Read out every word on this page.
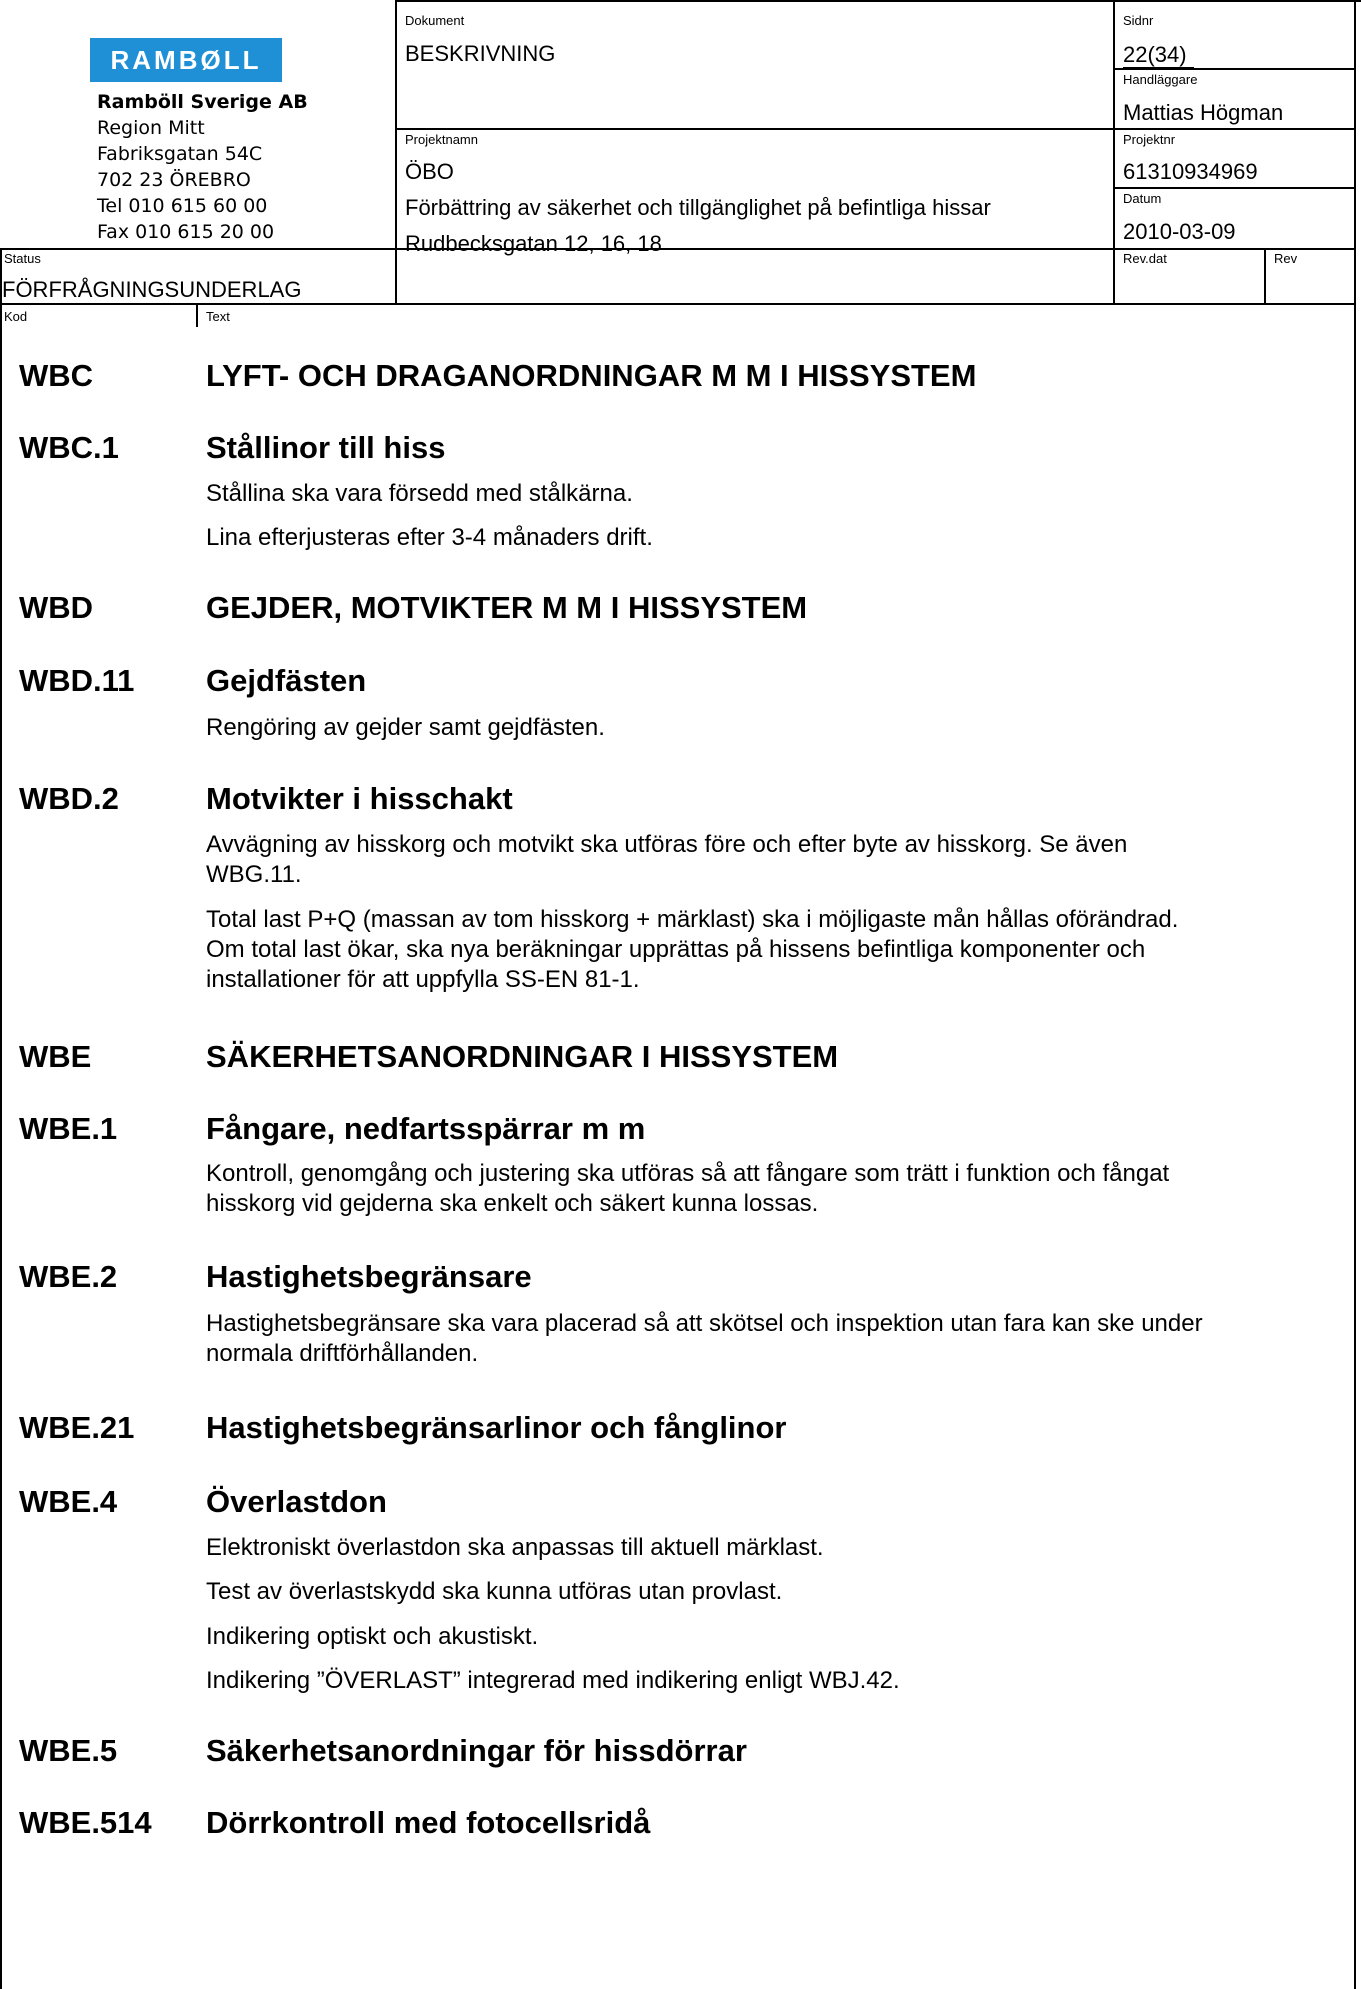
RAMBØLL
Ramböll Sverige AB
Region Mitt
Fabriksgatan 54C
702 23 ÖREBRO
Tel 010 615 60 00
Fax 010 615 20 00
Dokument
BESKRIVNING
Sidnr
22(34)
Handläggare
Mattias Högman
Projektnamn
ÖBO
Förbättring av säkerhet och tillgänglighet på befintliga hissar
Rudbecksgatan 12, 16, 18
Projektnr
61310934969
Datum
2010-03-09
Status
FÖRFRÅGNINGSUNDERLAG
Rev.dat	Rev
Kod	Text
WBC	LYFT- OCH DRAGANORDNINGAR M M I HISSYSTEM
WBC.1	Stållinor till hiss
Stållina ska vara försedd med stålkärna.
Lina efterjusteras efter 3-4 månaders drift.
WBD	GEJDER, MOTVIKTER M M I HISSYSTEM
WBD.11 Gejdfästen
Rengöring av gejder samt gejdfästen.
WBD.2	Motvikter i hisschakt
Avvägning av hisskorg och motvikt ska utföras före och efter byte av hisskorg. Se även WBG.11.
Total last P+Q (massan av tom hisskorg + märklast) ska i möjligaste mån hållas oförändrad. Om total last ökar, ska nya beräkningar upprättas på hissens befintliga komponenter och installationer för att uppfylla SS-EN 81-1.
WBE	SÄKERHETSANORDNINGAR I HISSYSTEM
WBE.1	Fångare, nedfartsspärrar m m
Kontroll, genomgång och justering ska utföras så att fångare som trätt i funktion och fångat hisskorg vid gejderna ska enkelt och säkert kunna lossas.
WBE.2	Hastighetsbegränsare
Hastighetsbegränsare ska vara placerad så att skötsel och inspektion utan fara kan ske under normala driftförhållanden.
WBE.21 Hastighetsbegränsarlinor och fånglinor
WBE.4	Överlastdon
Elektroniskt överlastdon ska anpassas till aktuell märklast.
Test av överlastskydd ska kunna utföras utan provlast.
Indikering optiskt och akustiskt.
Indikering ”ÖVERLAST” integrerad med indikering enligt WBJ.42.
WBE.5	Säkerhetsanordningar för hissdörrar
WBE.514 Dörrkontroll med fotocellsridå
